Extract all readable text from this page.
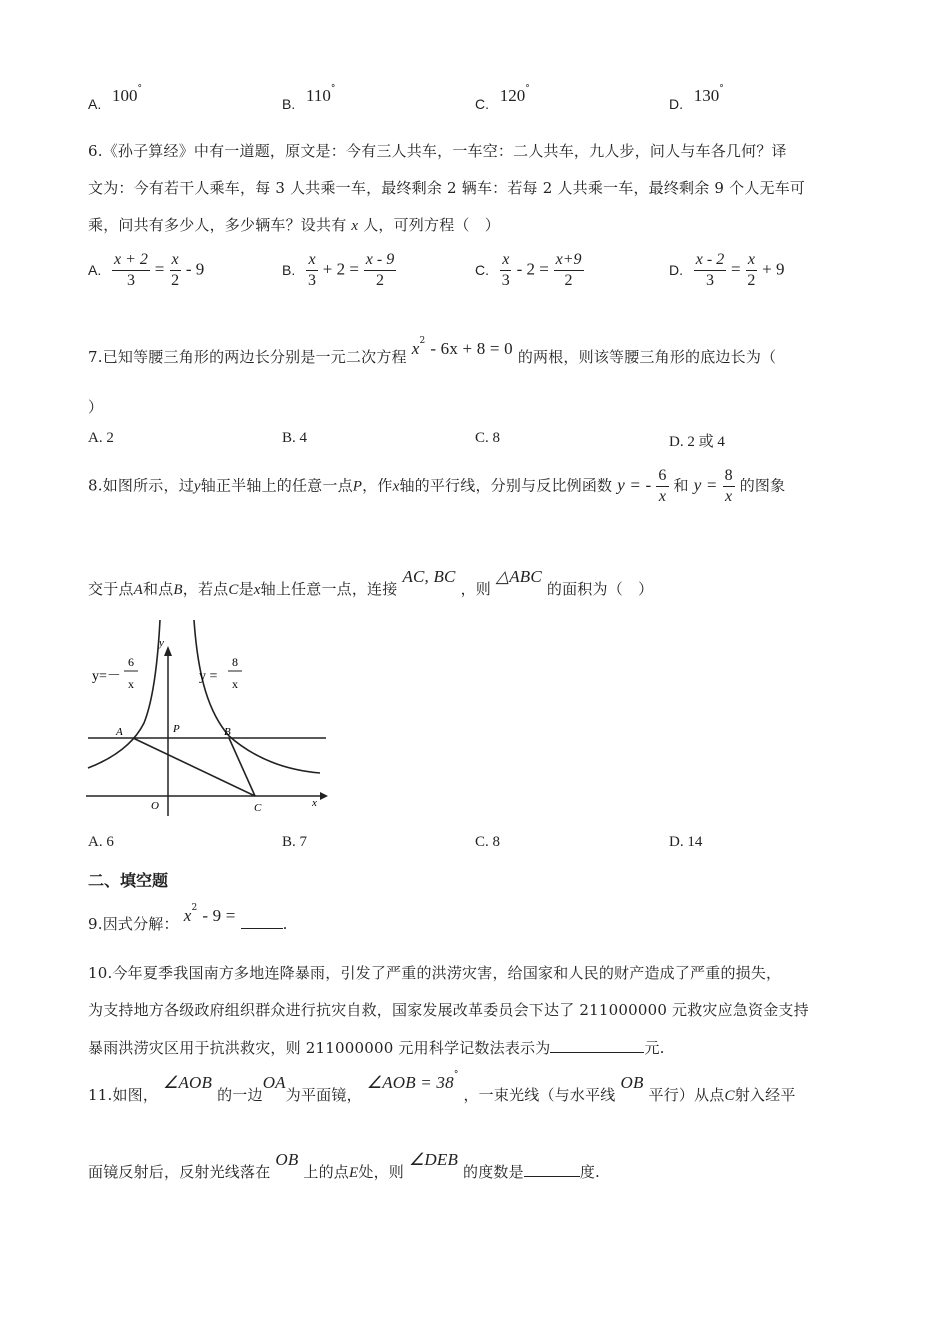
A. 100°
B. 110°
C. 120°
D. 130°
6.《孙子算经》中有一道题，原文是：今有三人共车，一车空：二人共车，九人步，问人与车各几何？译
文为：今有若干人乘车，每 3 人共乘一车，最终剩余 2 辆车：若每 2 人共乘一车，最终剩余 9 个人无车可
乘，问共有多少人，多少辆车？设共有 x 人，可列方程（　）
A. $\frac{x + 2}{3} = \frac{x}{2} - 9$	B. $\frac{x}{3} + 2 = \frac{x - 9}{2}$	C. $\frac{x}{3} - 2 = \frac{x+9}{2}$	D. $\frac{x - 2}{3} = \frac{x}{2} + 9$
7.已知等腰三角形的两边长分别是一元二次方程 $x^2 - 6x + 8 = 0$ 的两根，则该等腰三角形的底边长为（
）
A. 2	B. 4	C. 8	D. 2 或 4
8.如图所示，过y轴正半轴上的任意一点P，作x轴的平行线，分别与反比例函数 y = - $\frac{6}{x}$ 和 $y = \frac{8}{x}$ 的图象
交于点A和点B，若点C是x轴上任意一点，连接 AC, BC ，则 △ABC 的面积为（　）
y=－
6
x	y =
8
x
y
x
O
A	B
P
C
A. 6	B. 7	C. 8	D. 14
二、填空题
9.因式分解： $x^2 - 9$ =	.
10.今年夏季我国南方多地连降暴雨，引发了严重的洪涝灾害，给国家和人民的财产造成了严重的损失，
为支持地方各级政府组织群众进行抗灾自救，国家发展改革委员会下达了 211000000 元救灾应急资金支持
暴雨洪涝灾区用于抗洪救灾，则 211000000 元用科学记数法表示为	元.
11.如图， ∠AOB 的一边OA为平面镜， ∠AOB = 38° ，一束光线（与水平线 OB 平行）从点C射入经平
面镜反射后，反射光线落在 OB 上的点E处，则 ∠DEB 的度数是	度.
